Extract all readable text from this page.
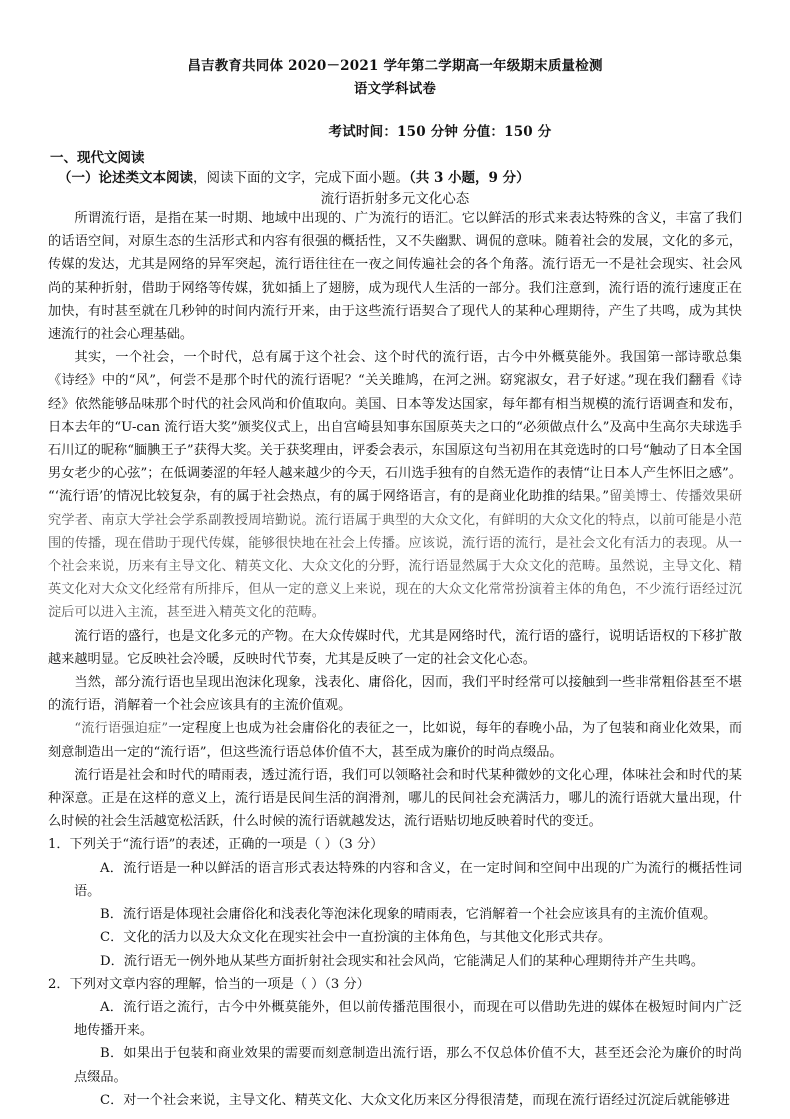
昌吉教育共同体 2020－2021 学年第二学期高一年级期末质量检测
语文学科试卷
考试时间：150 分钟 分值：150 分
一、现代文阅读
（一）论述类文本阅读，阅读下面的文字，完成下面小题。（共 3 小题，9 分）
流行语折射多元文化心态

所谓流行语，是指在某一时期、地域中出现的、广为流行的语汇。它以鲜活的形式来表达特殊的含义，丰富了我们的话语空间，对原生态的生活形式和内容有很强的概括性，又不失幽默、调侃的意味。随着社会的发展，文化的多元，传媒的发达，尤其是网络的异军突起，流行语往往在一夜之间传遍社会的各个角落。流行语无一不是社会现实、社会风尚的某种折射，借助于网络等传媒，犹如插上了翅膀，成为现代人生活的一部分。我们注意到，流行语的流行速度正在加快，有时甚至就在几秒钟的时间内流行开来，由于这些流行语契合了现代人的某种心理期待，产生了共鸣，成为其快速流行的社会心理基础。

其实，一个社会，一个时代，总有属于这个社会、这个时代的流行语，古今中外概莫能外。我国第一部诗歌总集《诗经》中的“风”，何尝不是那个时代的流行语呢？“关关雎鸠，在河之洲。窈窕淑女，君子好逑。”现在我们翻看《诗经》依然能够品味那个时代的社会风尚和价值取向。美国、日本等发达国家，每年都有相当规模的流行语调查和发布，日本去年的“U-can 流行语大奖”颁奖仪式上，出自宫崎县知事东国原英夫之口的“必须做点什么”及高中生高尔夫球选手石川辽的昵称“腼腆王子”获得大奖。关于获奖理由，评委会表示，东国原这句当初用在其竞选时的口号“触动了日本全国男女老少的心弦”；在低调萎涩的年轻人越来越少的今天，石川选手独有的自然无造作的表情“让日本人产生怀旧之感”。 “‘流行语’的情况比较复杂，有的属于社会热点，有的属于网络语言，有的是商业化助推的结果。”留美博士、传播效果研究学者、南京大学社会学系副教授周培勤说。流行语属于典型的大众文化，有鲜明的大众文化的特点，以前可能是小范围的传播，现在借助于现代传媒，能够很快地在社会上传播。应该说，流行语的流行，是社会文化有活力的表现。从一个社会来说，历来有主导文化、精英文化、大众文化的分野，流行语显然属于大众文化的范畴。虽然说，主导文化、精英文化对大众文化经常有所排斥，但从一定的意义上来说，现在的大众文化常常扮演着主体的角色，不少流行语经过沉淀后可以进入主流，甚至进入精英文化的范畴。

流行语的盛行，也是文化多元的产物。在大众传媒时代，尤其是网络时代，流行语的盛行，说明话语权的下移扩散越来越明显。它反映社会冷暖，反映时代节奏，尤其是反映了一定的社会文化心态。

当然，部分流行语也呈现出泡沫化现象，浅表化、庸俗化，因而，我们平时经常可以接触到一些非常粗俗甚至不堪的流行语，消解着一个社会应该具有的主流价值观。

“流行语强迫症”一定程度上也成为社会庸俗化的表征之一，比如说，每年的春晚小品，为了包装和商业化效果，而刻意制造出一定的“流行语”，但这些流行语总体价值不大，甚至成为廉价的时尚点缀品。

流行语是社会和时代的晴雨表，透过流行语，我们可以领略社会和时代某种微妙的文化心理，体味社会和时代的某种深意。正是在这样的意义上，流行语是民间生活的润滑剂，哪儿的民间社会充满活力，哪儿的流行语就大量出现，什么时候的社会生活越宽松活跃，什么时候的流行语就越发达，流行语贴切地反映着时代的变迁。

1．下列关于“流行语”的表述，正确的一项是（ ）（3 分）
A．流行语是一种以鲜活的语言形式表达特殊的内容和含义，在一定时间和空间中出现的广为流行的概括性词语。
B．流行语是体现社会庸俗化和浅表化等泡沫化现象的晴雨表，它消解着一个社会应该具有的主流价值观。
C．文化的活力以及大众文化在现实社会中一直扮演的主体角色，与其他文化形式共存。
D．流行语无一例外地从某些方面折射社会现实和社会风尚，它能满足人们的某种心理期待并产生共鸣。
2．下列对文章内容的理解，恰当的一项是（ ）（3 分）
A．流行语之流行，古今中外概莫能外，但以前传播范围很小，而现在可以借助先进的媒体在极短时间内广泛地传播开来。
B．如果出于包装和商业效果的需要而刻意制造出流行语，那么不仅总体价值不大，甚至还会沦为廉价的时尚点缀品。
C．对一个社会来说，主导文化、精英文化、大众文化历来区分得很清楚，而现在流行语经过沉淀后就能够进
